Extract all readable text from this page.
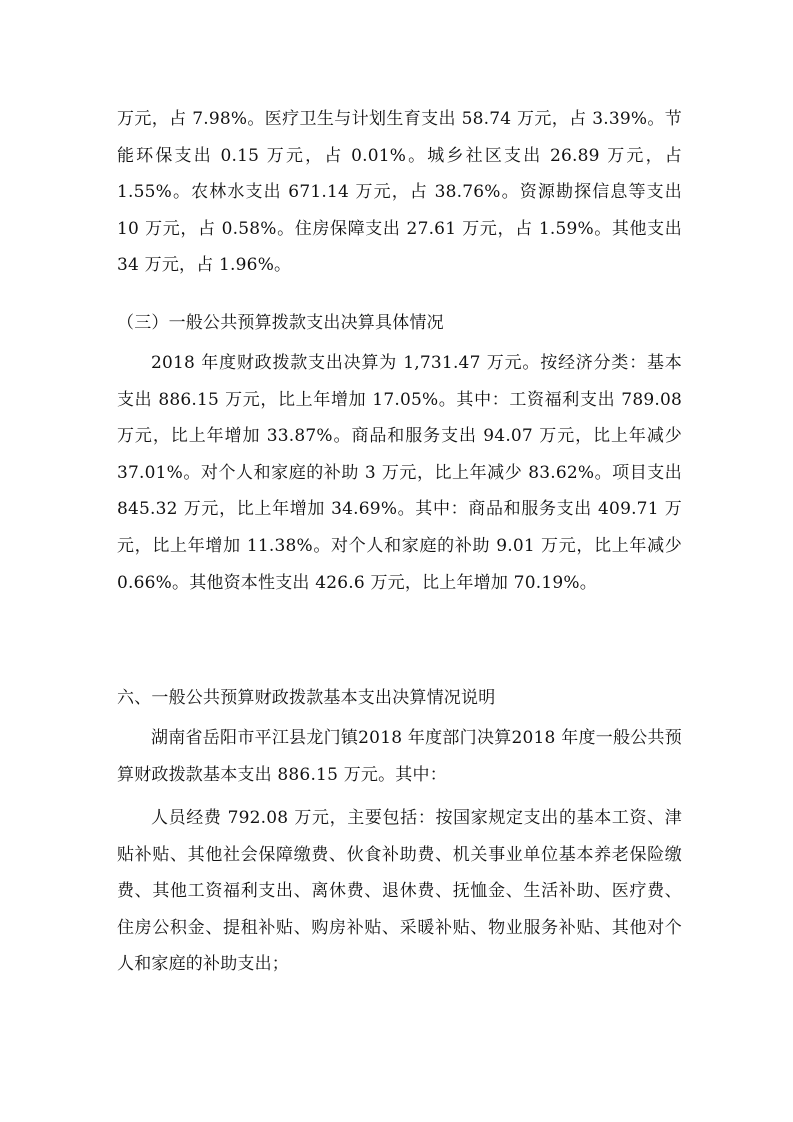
万元，占 7.98%。医疗卫生与计划生育支出 58.74 万元，占 3.39%。节能环保支出 0.15 万元，占 0.01%。城乡社区支出 26.89 万元，占 1.55%。农林水支出 671.14 万元，占 38.76%。资源勘探信息等支出 10 万元，占 0.58%。住房保障支出 27.61 万元，占 1.59%。其他支出 34 万元，占 1.96%。

（三）一般公共预算拨款支出决算具体情况

2018 年度财政拨款支出决算为 1,731.47 万元。按经济分类：基本支出 886.15 万元，比上年增加 17.05%。其中：工资福利支出 789.08 万元，比上年增加 33.87%。商品和服务支出 94.07 万元，比上年减少 37.01%。对个人和家庭的补助 3 万元，比上年减少 83.62%。项目支出 845.32 万元，比上年增加 34.69%。其中：商品和服务支出 409.71 万元，比上年增加 11.38%。对个人和家庭的补助 9.01 万元，比上年减少 0.66%。其他资本性支出 426.6 万元，比上年增加 70.19%。

六、一般公共预算财政拨款基本支出决算情况说明

湖南省岳阳市平江县龙门镇2018 年度部门决算2018 年度一般公共预算财政拨款基本支出 886.15 万元。其中：

人员经费 792.08 万元，主要包括：按国家规定支出的基本工资、津贴补贴、其他社会保障缴费、伙食补助费、机关事业单位基本养老保险缴费、其他工资福利支出、离休费、退休费、抚恤金、生活补助、医疗费、住房公积金、提租补贴、购房补贴、采暖补贴、物业服务补贴、其他对个人和家庭的补助支出；
